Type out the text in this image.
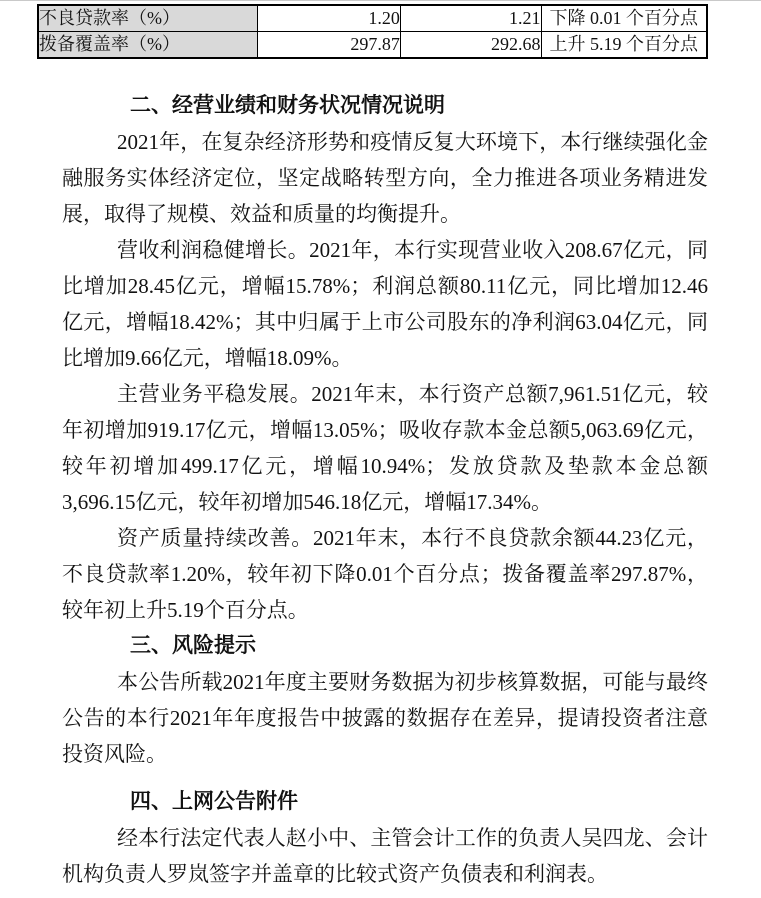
不良贷款率（%）	1.20	1.21	下降 0.01 个百分点
拨备覆盖率（%）	297.87	292.68	上升 5.19 个百分点
二、经营业绩和财务状况情况说明

2021年，在复杂经济形势和疫情反复大环境下，本行继续强化金融服务实体经济定位，坚定战略转型方向，全力推进各项业务精进发展，取得了规模、效益和质量的均衡提升。

营收利润稳健增长。2021年，本行实现营业收入208.67亿元，同比增加28.45亿元，增幅15.78%；利润总额80.11亿元，同比增加12.46亿元，增幅18.42%；其中归属于上市公司股东的净利润63.04亿元，同比增加9.66亿元，增幅18.09%。

主营业务平稳发展。2021年末，本行资产总额7,961.51亿元，较年初增加919.17亿元，增幅13.05%；吸收存款本金总额5,063.69亿元，较年初增加499.17亿元，增幅10.94%；发放贷款及垫款本金总额3,696.15亿元，较年初增加546.18亿元，增幅17.34%。

资产质量持续改善。2021年末，本行不良贷款余额44.23亿元，不良贷款率1.20%，较年初下降0.01个百分点；拨备覆盖率297.87%，较年初上升5.19个百分点。

三、风险提示

本公告所载2021年度主要财务数据为初步核算数据，可能与最终公告的本行2021年年度报告中披露的数据存在差异，提请投资者注意投资风险。

四、上网公告附件

经本行法定代表人赵小中、主管会计工作的负责人吴四龙、会计机构负责人罗岚签字并盖章的比较式资产负债表和利润表。
